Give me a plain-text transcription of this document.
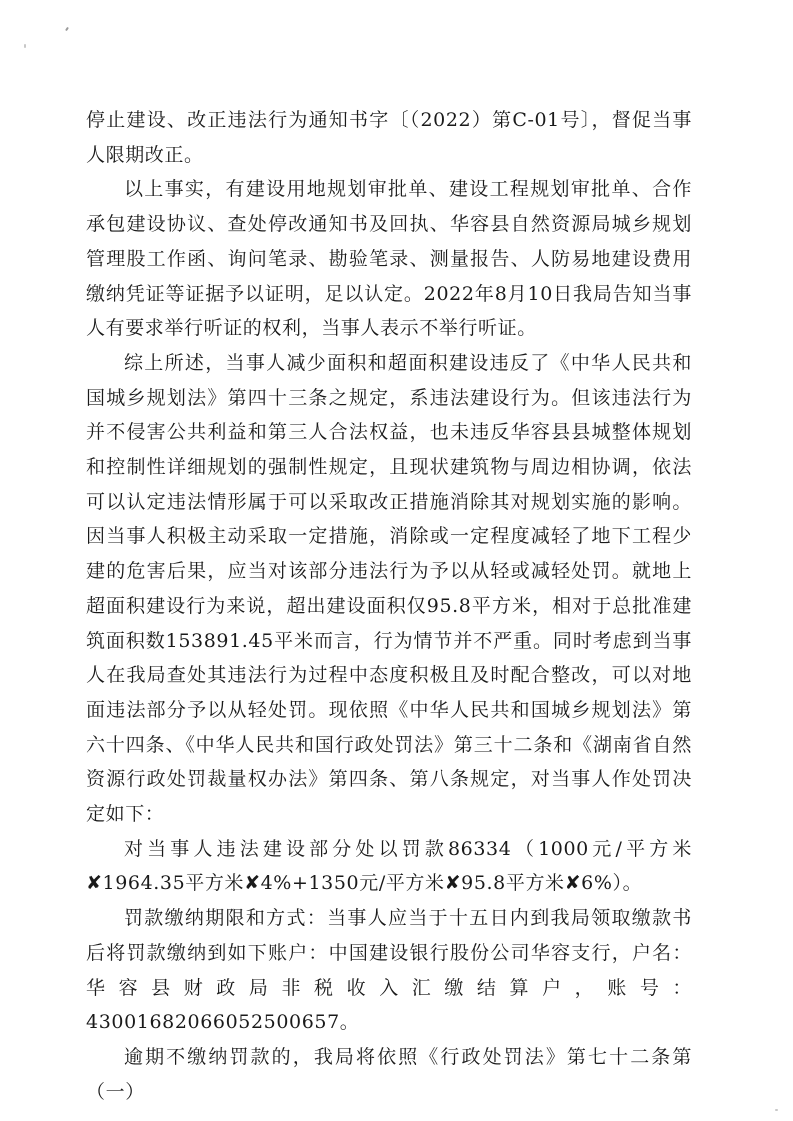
停止建设、改正违法行为通知书字〔（2022）第C-01号〕，督促当事人限期改正。

以上事实，有建设用地规划审批单、建设工程规划审批单、合作承包建设协议、查处停改通知书及回执、华容县自然资源局城乡规划管理股工作函、询问笔录、勘验笔录、测量报告、人防易地建设费用缴纳凭证等证据予以证明，足以认定。2022年8月10日我局告知当事人有要求举行听证的权利，当事人表示不举行听证。

综上所述，当事人减少面积和超面积建设违反了《中华人民共和国城乡规划法》第四十三条之规定，系违法建设行为。但该违法行为并不侵害公共利益和第三人合法权益，也未违反华容县县城整体规划和控制性详细规划的强制性规定，且现状建筑物与周边相协调，依法可以认定违法情形属于可以采取改正措施消除其对规划实施的影响。因当事人积极主动采取一定措施，消除或一定程度减轻了地下工程少建的危害后果，应当对该部分违法行为予以从轻或减轻处罚。就地上超面积建设行为来说，超出建设面积仅95.8平方米，相对于总批准建筑面积数153891.45平米而言，行为情节并不严重。同时考虑到当事人在我局查处其违法行为过程中态度积极且及时配合整改，可以对地面违法部分予以从轻处罚。现依照《中华人民共和国城乡规划法》第六十四条、《中华人民共和国行政处罚法》第三十二条和《湖南省自然资源行政处罚裁量权办法》第四条、第八条规定，对当事人作处罚决定如下：

对当事人违法建设部分处以罚款86334（1000元/平方米✘1964.35平方米✘4%+1350元/平方米✘95.8平方米✘6%）。

罚款缴纳期限和方式：当事人应当于十五日内到我局领取缴款书后将罚款缴纳到如下账户：中国建设银行股份公司华容支行，户名：华容县财政局非税收入汇缴结算户，账号：43001682066052500657。

逾期不缴纳罚款的，我局将依照《行政处罚法》第七十二条第（一）
